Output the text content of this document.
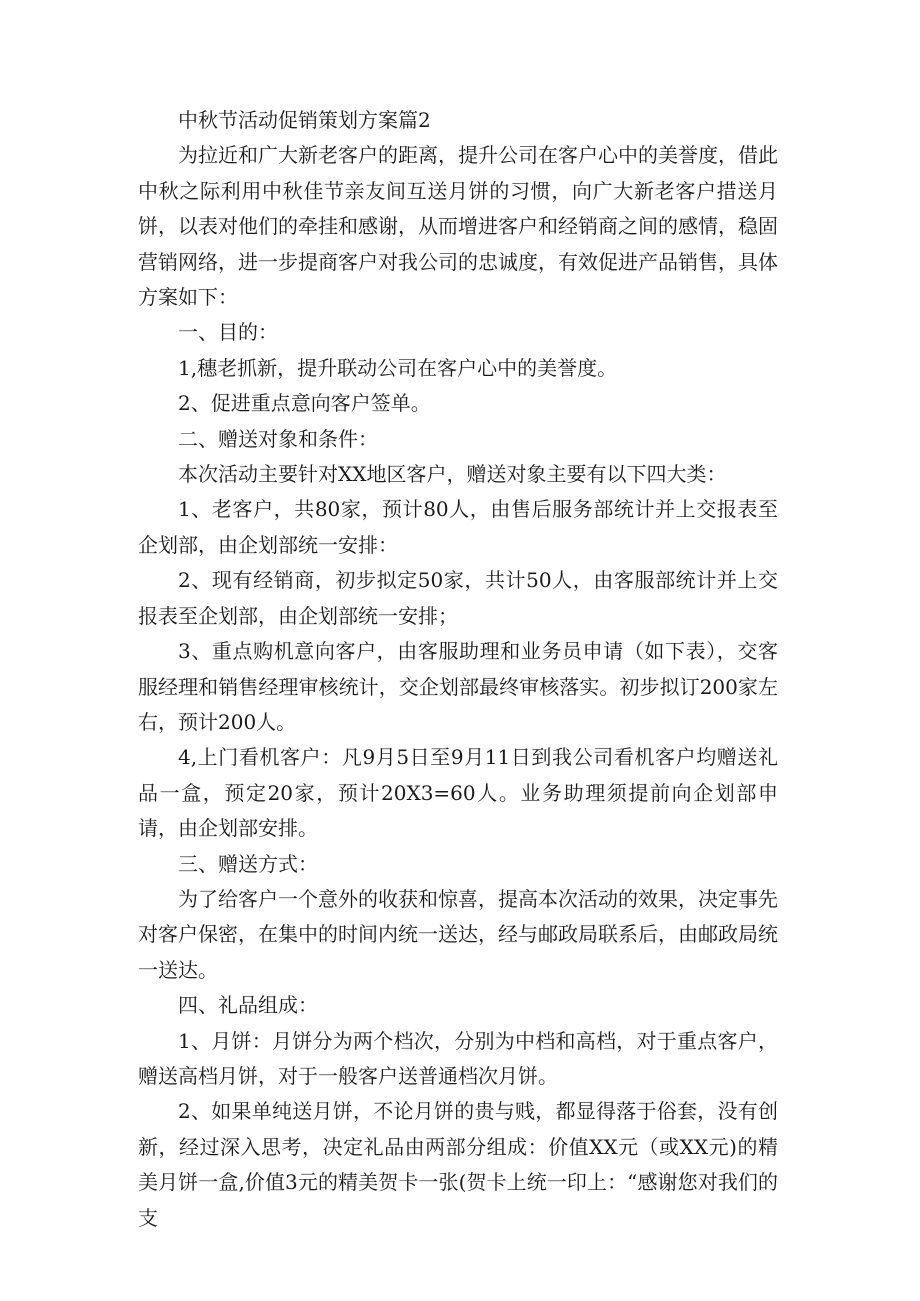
中秋节活动促销策划方案篇2

为拉近和广大新老客户的距离，提升公司在客户心中的美誉度，借此中秋之际利用中秋佳节亲友间互送月饼的习惯，向广大新老客户措送月饼，以表对他们的牵挂和感谢，从而增进客户和经销商之间的感情，稳固营销网络，进一步提商客户对我公司的忠诚度，有效促进产品销售，具体方案如下：

一、目的：

1,穗老抓新，提升联动公司在客户心中的美誉度。

2、促进重点意向客户签单。

二、赠送对象和条件：

本次活动主要针对XX地区客户，赠送对象主要有以下四大类：

1、老客户，共80家，预计80人，由售后服务部统计并上交报表至企划部，由企划部统一安排：

2、现有经销商，初步拟定50家，共计50人，由客服部统计并上交报表至企划部，由企划部统一安排；

3、重点购机意向客户，由客服助理和业务员申请（如下表），交客服经理和销售经理审核统计，交企划部最终审核落实。初步拟订200家左右，预计200人。

4,上门看机客户：凡9月5日至9月11日到我公司看机客户均赠送礼品一盒，预定20家，预计20X3=60人。业务助理须提前向企划部申请，由企划部安排。

三、赠送方式：

为了给客户一个意外的收获和惊喜，提高本次活动的效果，决定事先对客户保密，在集中的时间内统一送达，经与邮政局联系后，由邮政局统一送达。

四、礼品组成：

1、月饼：月饼分为两个档次，分别为中档和高档，对于重点客户，赠送高档月饼，对于一般客户送普通档次月饼。

2、如果单纯送月饼，不论月饼的贵与贱，都显得落于俗套，没有创新，经过深入思考，决定礼品由两部分组成：价值XX元（或XX元)的精美月饼一盒,价值3元的精美贺卡一张(贺卡上统一印上：“感谢您对我们的支
